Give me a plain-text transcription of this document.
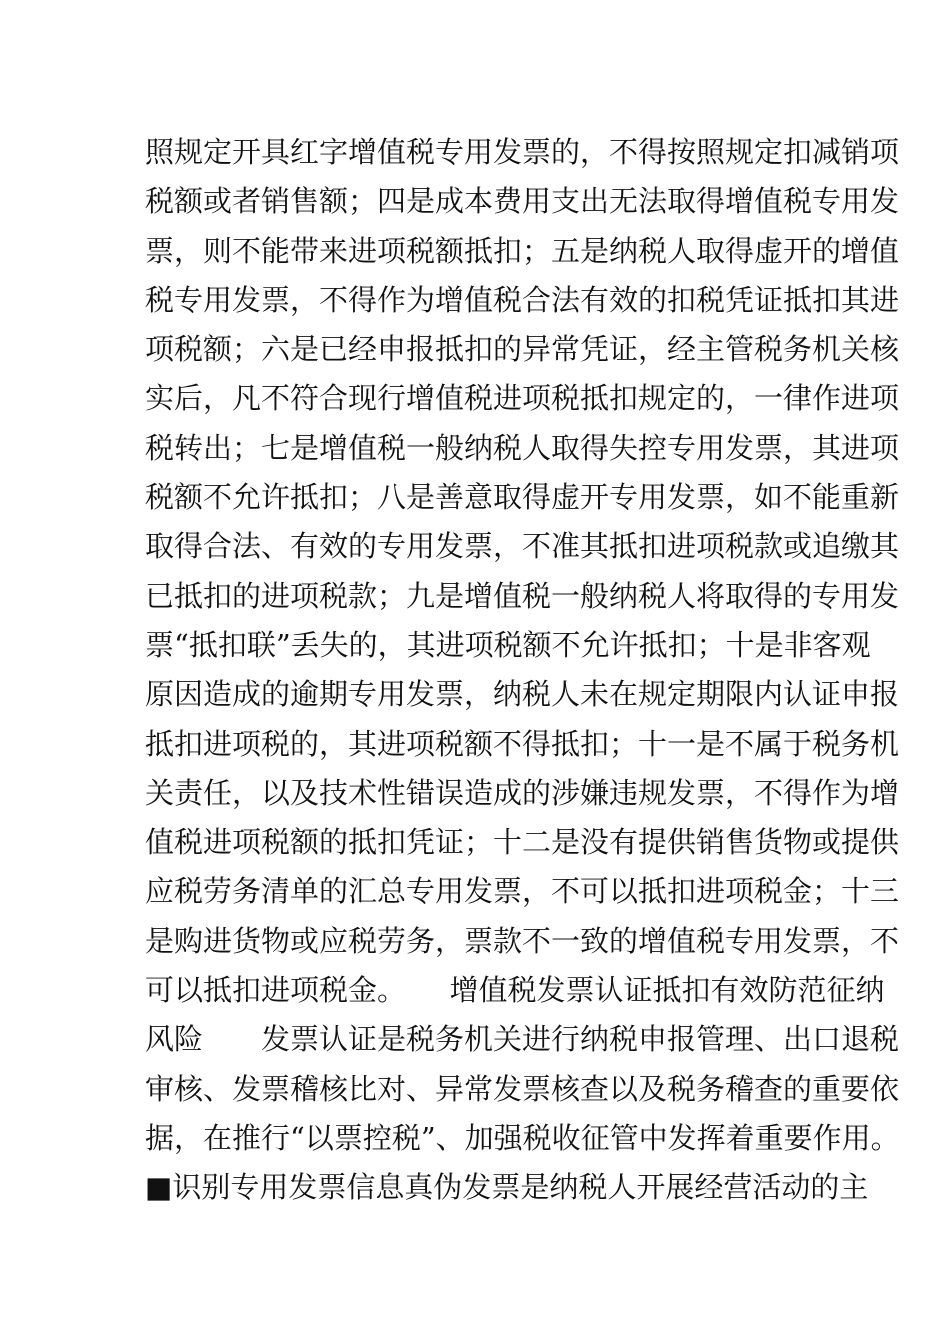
照规定开具红字增值税专用发票的，不得按照规定扣减销项
税额或者销售额；四是成本费用支出无法取得增值税专用发
票，则不能带来进项税额抵扣；五是纳税人取得虚开的增值
税专用发票，不得作为增值税合法有效的扣税凭证抵扣其进
项税额；六是已经申报抵扣的异常凭证，经主管税务机关核
实后，凡不符合现行增值税进项税抵扣规定的，一律作进项
税转出；七是增值税一般纳税人取得失控专用发票，其进项
税额不允许抵扣；八是善意取得虚开专用发票，如不能重新
取得合法、有效的专用发票，不准其抵扣进项税款或追缴其
已抵扣的进项税款；九是增值税一般纳税人将取得的专用发
票“抵扣联”丢失的，其进项税额不允许抵扣；十是非客观
原因造成的逾期专用发票，纳税人未在规定期限内认证申报
抵扣进项税的，其进项税额不得抵扣；十一是不属于税务机
关责任，以及技术性错误造成的涉嫌违规发票，不得作为增
值税进项税额的抵扣凭证；十二是没有提供销售货物或提供
应税劳务清单的汇总专用发票，不可以抵扣进项税金；十三
是购进货物或应税劳务，票款不一致的增值税专用发票，不
可以抵扣进项税金。　　增值税发票认证抵扣有效防范征纳
风险　　发票认证是税务机关进行纳税申报管理、出口退税
审核、发票稽核比对、异常发票核查以及税务稽查的重要依
据，在推行“以票控税”、加强税收征管中发挥着重要作用。
■识别专用发票信息真伪发票是纳税人开展经营活动的主
